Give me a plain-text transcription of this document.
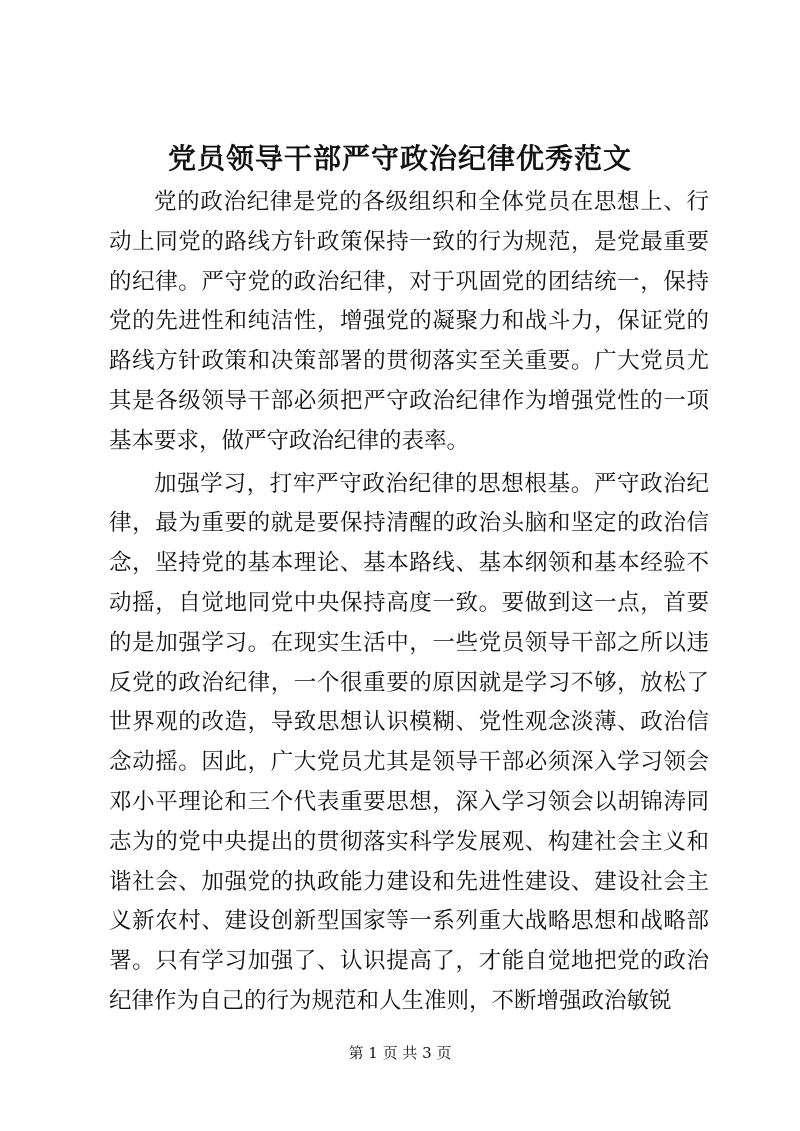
党员领导干部严守政治纪律优秀范文

党的政治纪律是党的各级组织和全体党员在思想上、行动上同党的路线方针政策保持一致的行为规范，是党最重要的纪律。严守党的政治纪律，对于巩固党的团结统一，保持党的先进性和纯洁性，增强党的凝聚力和战斗力，保证党的路线方针政策和决策部署的贯彻落实至关重要。广大党员尤其是各级领导干部必须把严守政治纪律作为增强党性的一项基本要求，做严守政治纪律的表率。

加强学习，打牢严守政治纪律的思想根基。严守政治纪律，最为重要的就是要保持清醒的政治头脑和坚定的政治信念，坚持党的基本理论、基本路线、基本纲领和基本经验不动摇，自觉地同党中央保持高度一致。要做到这一点，首要的是加强学习。在现实生活中，一些党员领导干部之所以违反党的政治纪律，一个很重要的原因就是学习不够，放松了世界观的改造，导致思想认识模糊、党性观念淡薄、政治信念动摇。因此，广大党员尤其是领导干部必须深入学习领会邓小平理论和三个代表重要思想，深入学习领会以胡锦涛同志为的党中央提出的贯彻落实科学发展观、构建社会主义和谐社会、加强党的执政能力建设和先进性建设、建设社会主义新农村、建设创新型国家等一系列重大战略思想和战略部署。只有学习加强了、认识提高了，才能自觉地把党的政治纪律作为自己的行为规范和人生准则，不断增强政治敏锐

第 1 页 共 3 页
